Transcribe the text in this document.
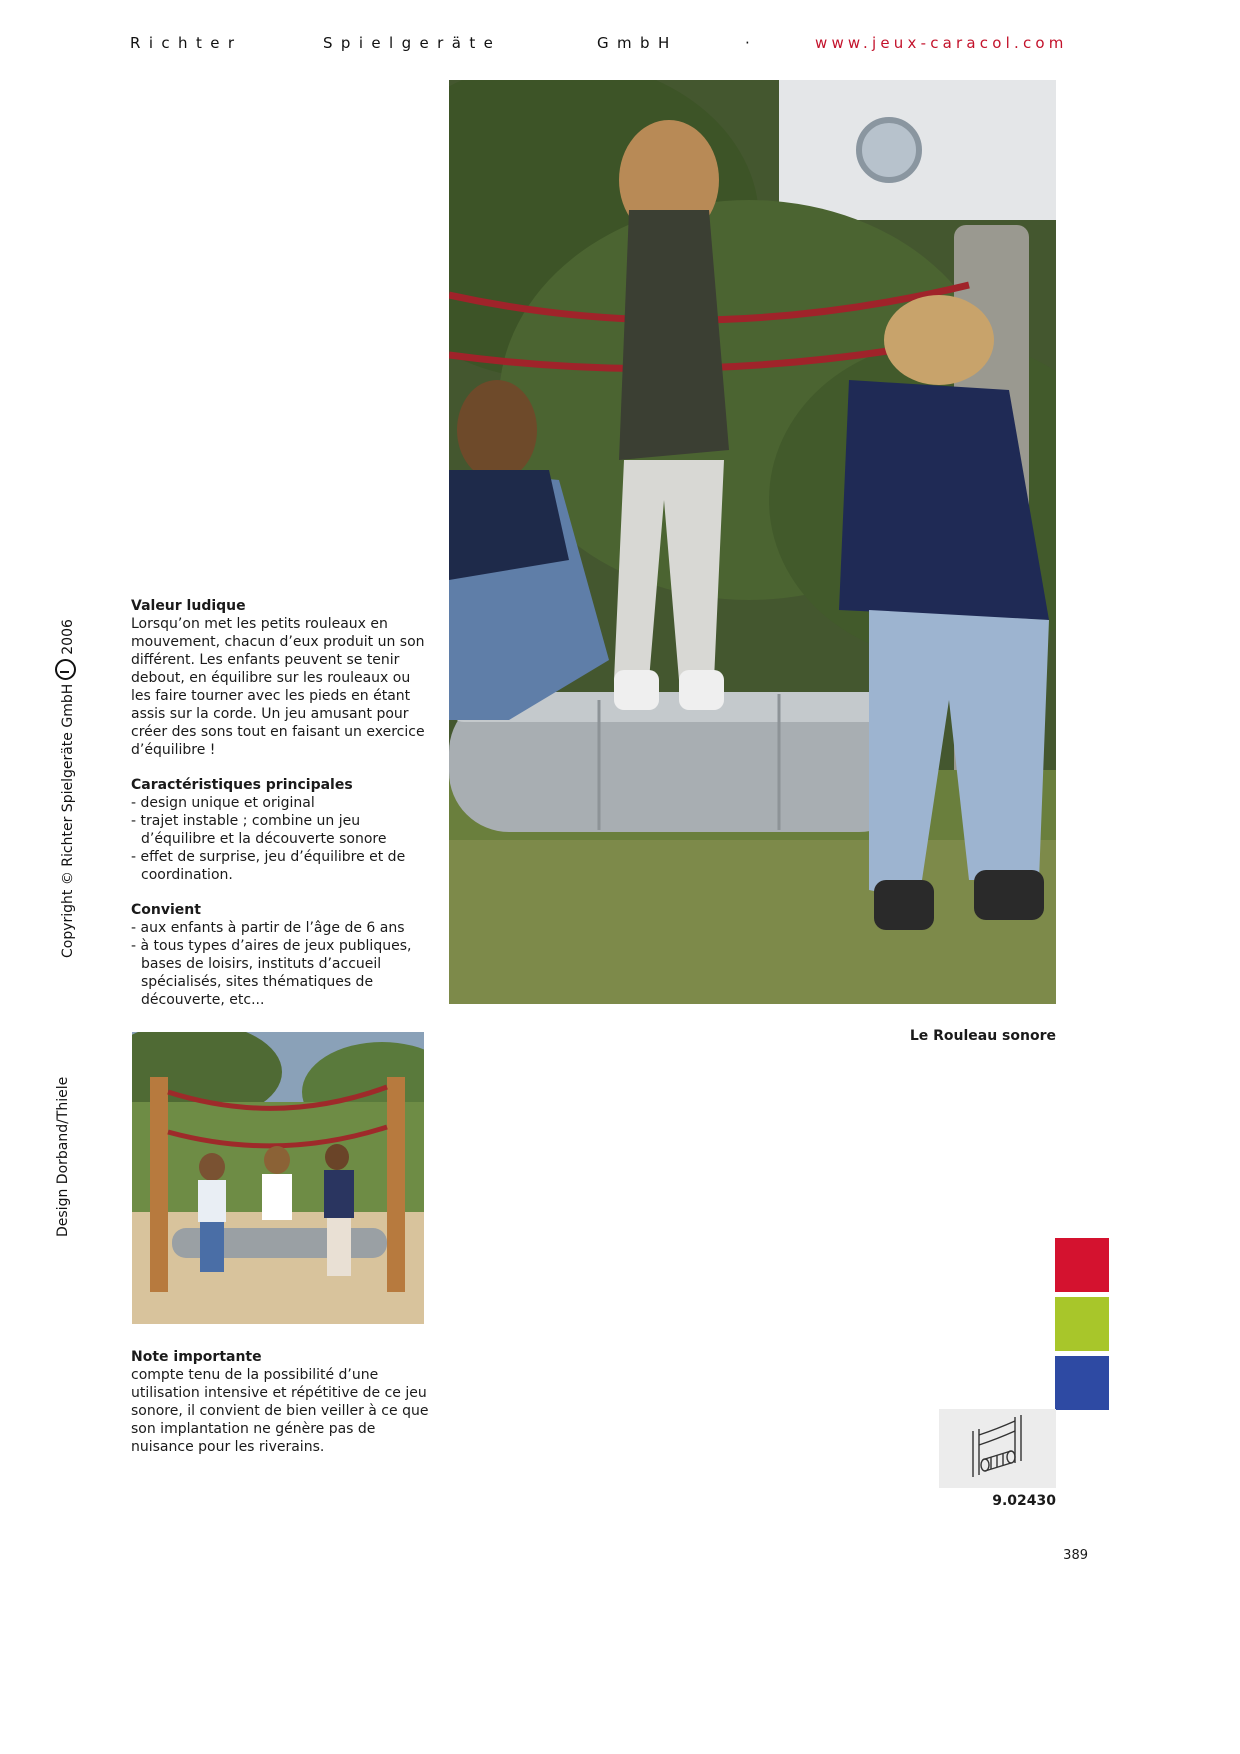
Richter	Spielgeräte	GmbH	·	www.jeux-caracol.com
Copyright © Richter Spielgeräte GmbH2006
Design Dorband/Thiele
Le Rouleau sonore
Valeur ludique

Lorsqu’on met les petits rouleaux en mouvement, chacun d’eux produit un son différent. Les enfants peuvent se tenir debout, en équilibre sur les rouleaux ou les faire tourner avec les pieds en étant assis sur la corde. Un jeu amusant pour créer des sons tout en faisant un exercice d’équilibre !

Caractéristiques principales
- design unique et original
- trajet instable ; combine un jeu d’équilibre et la découverte sonore
- effet de surprise, jeu d’équilibre et de coordination.
Convient
- aux enfants à partir de l’âge de 6 ans
- à tous types d’aires de jeux publiques, bases de loisirs, instituts d’accueil spécialisés, sites thématiques de découverte, etc...
Note importante

compte tenu de la possibilité d’une utilisation intensive et répétitive de ce jeu sonore, il convient de bien veiller à ce que son implantation ne génère pas de nuisance pour les riverains.

9.02430
389
